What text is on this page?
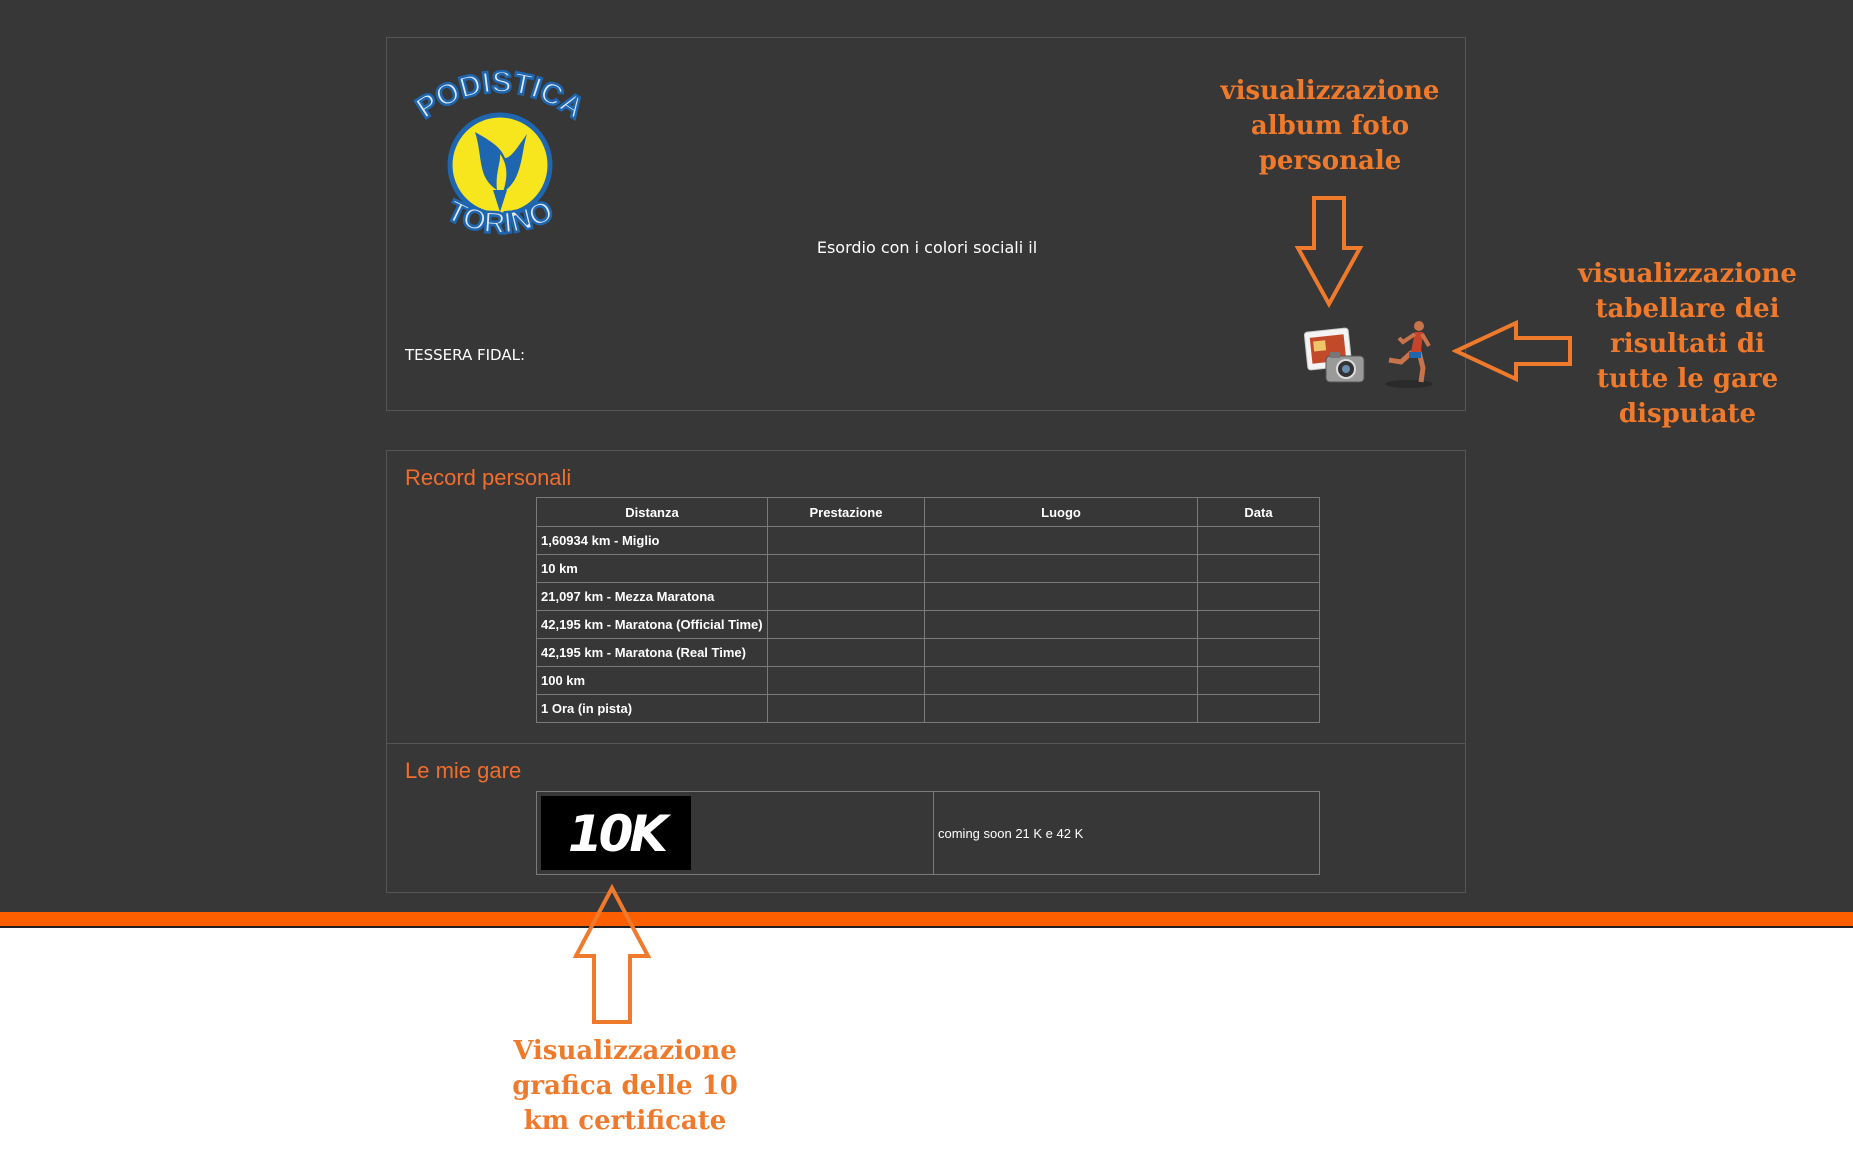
PODISTICA
TORINO
Esordio con i colori sociali il
TESSERA FIDAL:
Record personali
Distanza	Prestazione	Luogo	Data
1,60934 km - Miglio			
10 km			
21,097 km - Mezza Maratona			
42,195 km - Maratona (Official Time)			
42,195 km - Maratona (Real Time)			
100 km			
1 Ora (in pista)			
Le mie gare
10K	coming soon 21 K e 42 K
visualizzazione
album foto
personale
visualizzazione
tabellare dei
risultati di
tutte le gare
disputate
Visualizzazione
grafica delle 10
km certificate
